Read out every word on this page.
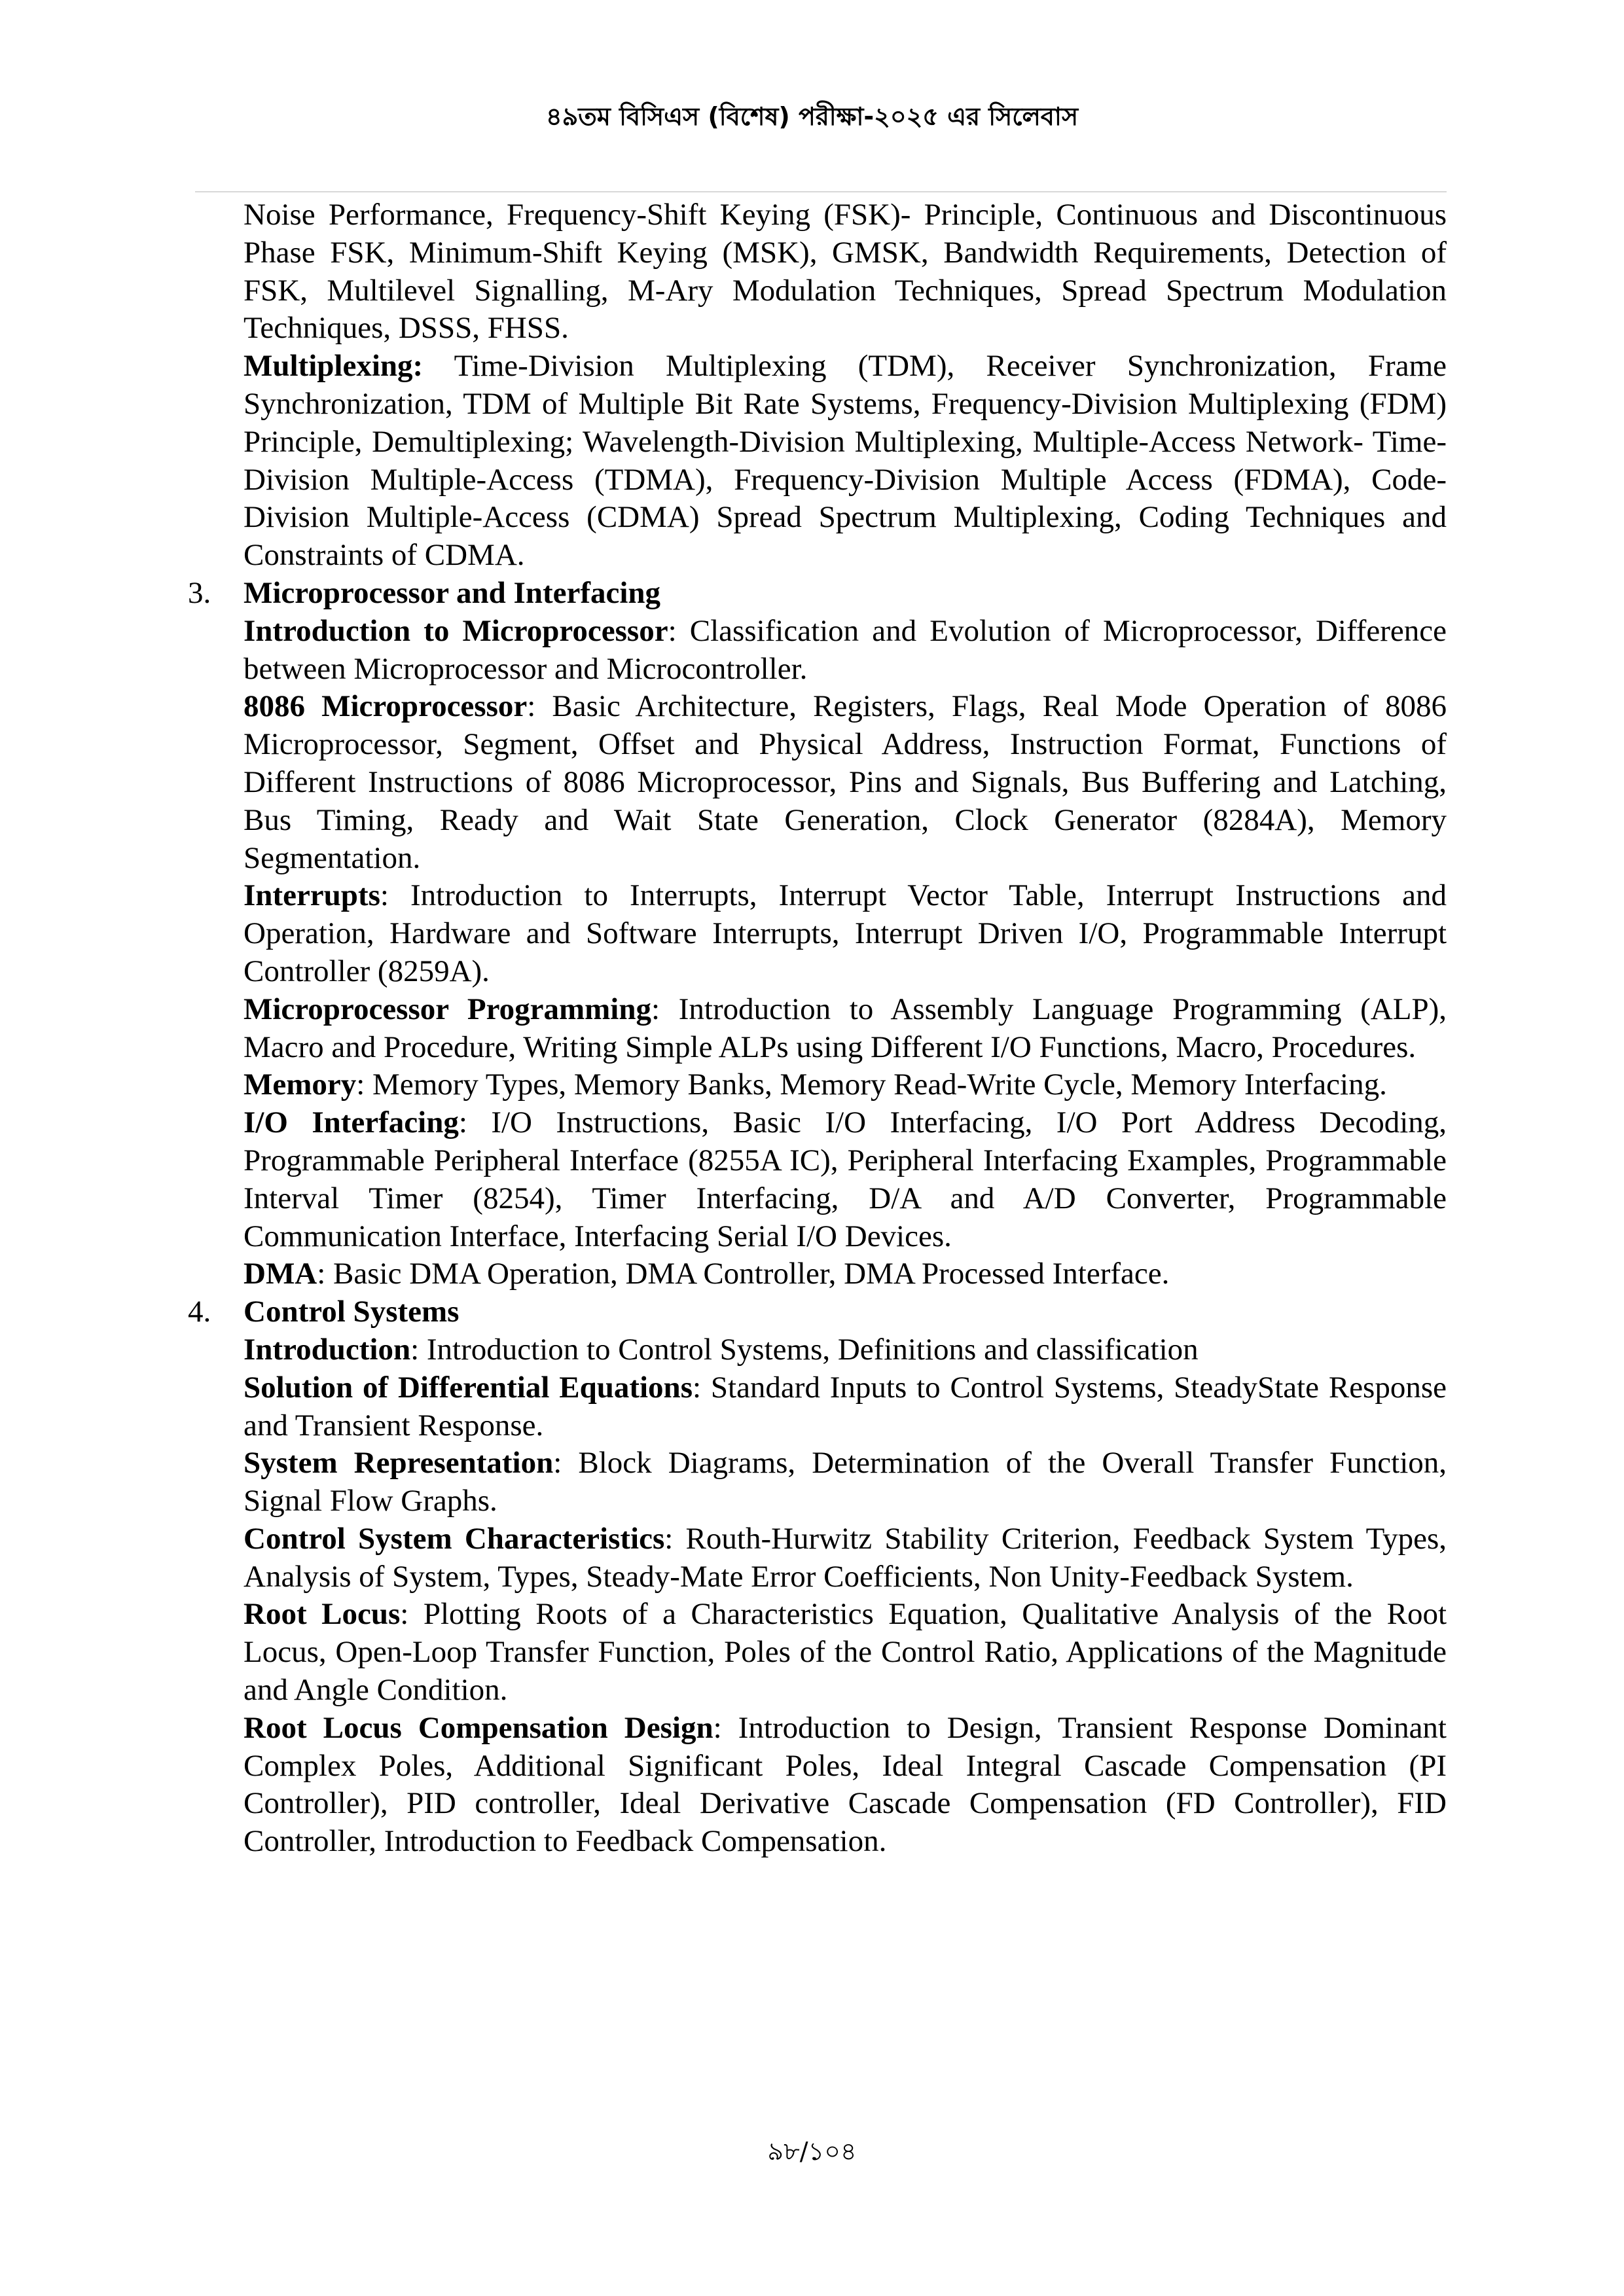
৪৯তম বিসিএস (বিশেষ) পরীক্ষা-২০২৫ এর সিলেবাস

Noise Performance, Frequency-Shift Keying (FSK)- Principle, Continuous and Discontinuous Phase FSK, Minimum-Shift Keying (MSK), GMSK, Bandwidth Requirements, Detection of FSK, Multilevel Signalling, M-Ary Modulation Techniques, Spread Spectrum Modulation Techniques, DSSS, FHSS.

Multiplexing: Time-Division Multiplexing (TDM), Receiver Synchronization, Frame Synchronization, TDM of Multiple Bit Rate Systems, Frequency-Division Multiplexing (FDM) Principle, Demultiplexing; Wavelength-Division Multiplexing, Multiple-Access Network- Time-Division Multiple-Access (TDMA), Frequency-Division Multiple Access (FDMA), Code-Division Multiple-Access (CDMA) Spread Spectrum Multiplexing, Coding Techniques and Constraints of CDMA.

3. Microprocessor and Interfacing

Introduction to Microprocessor: Classification and Evolution of Microprocessor, Difference between Microprocessor and Microcontroller.

8086 Microprocessor: Basic Architecture, Registers, Flags, Real Mode Operation of 8086 Microprocessor, Segment, Offset and Physical Address, Instruction Format, Functions of Different Instructions of 8086 Microprocessor, Pins and Signals, Bus Buffering and Latching, Bus Timing, Ready and Wait State Generation, Clock Generator (8284A), Memory Segmentation.

Interrupts: Introduction to Interrupts, Interrupt Vector Table, Interrupt Instructions and Operation, Hardware and Software Interrupts, Interrupt Driven I/O, Programmable Interrupt Controller (8259A).

Microprocessor Programming: Introduction to Assembly Language Programming (ALP), Macro and Procedure, Writing Simple ALPs using Different I/O Functions, Macro, Procedures.

Memory: Memory Types, Memory Banks, Memory Read-Write Cycle, Memory Interfacing.

I/O Interfacing: I/O Instructions, Basic I/O Interfacing, I/O Port Address Decoding, Programmable Peripheral Interface (8255A IC), Peripheral Interfacing Examples, Programmable Interval Timer (8254), Timer Interfacing, D/A and A/D Converter, Programmable Communication Interface, Interfacing Serial I/O Devices.

DMA: Basic DMA Operation, DMA Controller, DMA Processed Interface.

4. Control Systems

Introduction: Introduction to Control Systems, Definitions and classification

Solution of Differential Equations: Standard Inputs to Control Systems, SteadyState Response and Transient Response.

System Representation: Block Diagrams, Determination of the Overall Transfer Function, Signal Flow Graphs.

Control System Characteristics: Routh-Hurwitz Stability Criterion, Feedback System Types, Analysis of System, Types, Steady-Mate Error Coefficients, Non Unity-Feedback System.

Root Locus: Plotting Roots of a Characteristics Equation, Qualitative Analysis of the Root Locus, Open-Loop Transfer Function, Poles of the Control Ratio, Applications of the Magnitude and Angle Condition.

Root Locus Compensation Design: Introduction to Design, Transient Response Dominant Complex Poles, Additional Significant Poles, Ideal Integral Cascade Compensation (PI Controller), PID controller, Ideal Derivative Cascade Compensation (FD Controller), FID Controller, Introduction to Feedback Compensation.

৯৮/১০৪
